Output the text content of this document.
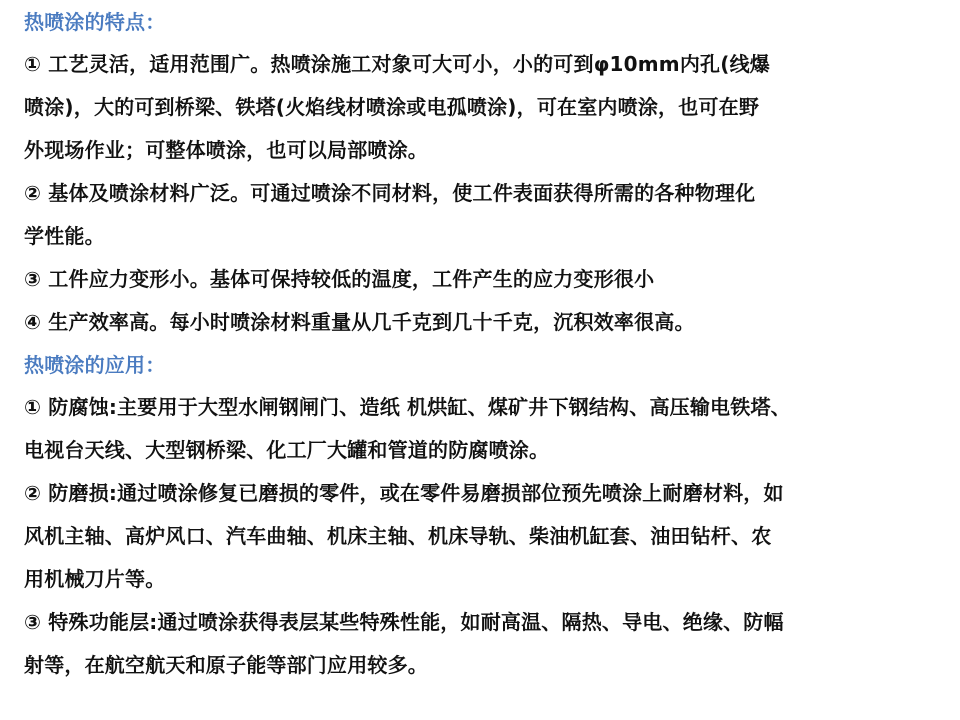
热喷涂的特点：
① 工艺灵活，适用范围广。热喷涂施工对象可大可小，小的可到φ10mm内孔(线爆
喷涂)，大的可到桥梁、铁塔(火焰线材喷涂或电孤喷涂)，可在室内喷涂，也可在野
外现场作业；可整体喷涂，也可以局部喷涂。
② 基体及喷涂材料广泛。可通过喷涂不同材料，使工件表面获得所需的各种物理化
学性能。
③ 工件应力变形小。基体可保持较低的温度，工件产生的应力变形很小
④ 生产效率高。每小时喷涂材料重量从几千克到几十千克，沉积效率很高。
热喷涂的应用：
① 防腐蚀:主要用于大型水闸钢闸门、造纸 机烘缸、煤矿井下钢结构、高压输电铁塔、
电视台天线、大型钢桥梁、化工厂大罐和管道的防腐喷涂。
② 防磨损:通过喷涂修复已磨损的零件，或在零件易磨损部位预先喷涂上耐磨材料，如
风机主轴、高炉风口、汽车曲轴、机床主轴、机床导轨、柴油机缸套、油田钻杆、农
用机械刀片等。
③ 特殊功能层:通过喷涂获得表层某些特殊性能，如耐高温、隔热、导电、绝缘、防幅
射等，在航空航天和原子能等部门应用较多。
